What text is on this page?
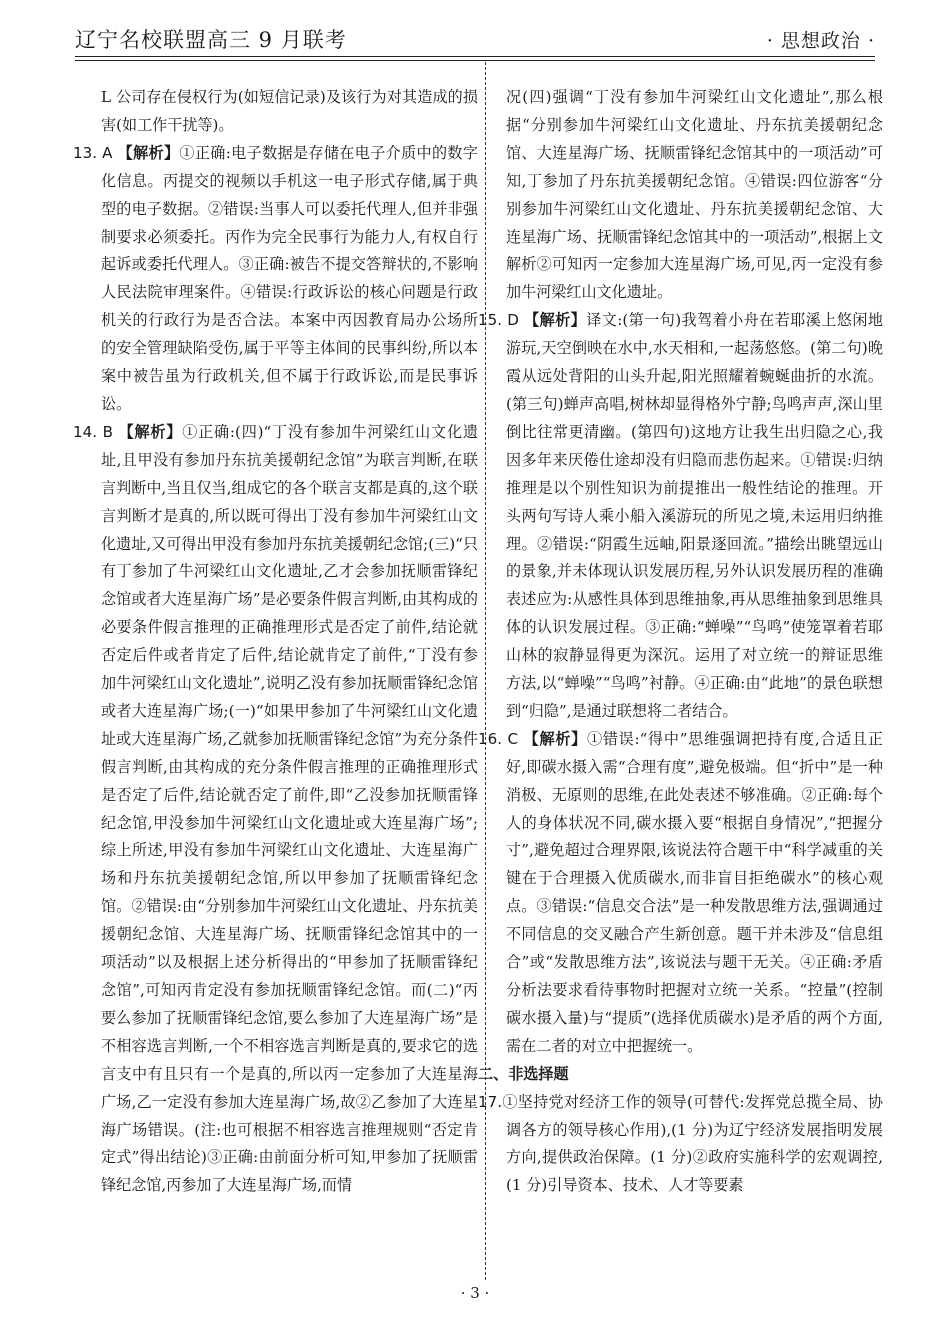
辽宁名校联盟高三 9 月联考	· 思想政治 ·

L 公司存在侵权行为(如短信记录)及该行为对其造成的损害(如工作干扰等)。

13. A 【解析】①正确:电子数据是存储在电子介质中的数字化信息。丙提交的视频以手机这一电子形式存储,属于典型的电子数据。②错误:当事人可以委托代理人,但并非强制要求必须委托。丙作为完全民事行为能力人,有权自行起诉或委托代理人。③正确:被告不提交答辩状的,不影响人民法院审理案件。④错误:行政诉讼的核心问题是行政机关的行政行为是否合法。本案中丙因教育局办公场所的安全管理缺陷受伤,属于平等主体间的民事纠纷,所以本案中被告虽为行政机关,但不属于行政诉讼,而是民事诉讼。

14. B 【解析】①正确:(四)“丁没有参加牛河梁红山文化遗址,且甲没有参加丹东抗美援朝纪念馆”为联言判断,在联言判断中,当且仅当,组成它的各个联言支都是真的,这个联言判断才是真的,所以既可得出丁没有参加牛河梁红山文化遗址,又可得出甲没有参加丹东抗美援朝纪念馆;(三)“只有丁参加了牛河梁红山文化遗址,乙才会参加抚顺雷锋纪念馆或者大连星海广场”是必要条件假言判断,由其构成的必要条件假言推理的正确推理形式是否定了前件,结论就否定后件或者肯定了后件,结论就肯定了前件,“丁没有参加牛河梁红山文化遗址”,说明乙没有参加抚顺雷锋纪念馆或者大连星海广场;(一)“如果甲参加了牛河梁红山文化遗址或大连星海广场,乙就参加抚顺雷锋纪念馆”为充分条件假言判断,由其构成的充分条件假言推理的正确推理形式是否定了后件,结论就否定了前件,即“乙没参加抚顺雷锋纪念馆,甲没参加牛河梁红山文化遗址或大连星海广场”;综上所述,甲没有参加牛河梁红山文化遗址、大连星海广场和丹东抗美援朝纪念馆,所以甲参加了抚顺雷锋纪念馆。②错误:由“分别参加牛河梁红山文化遗址、丹东抗美援朝纪念馆、大连星海广场、抚顺雷锋纪念馆其中的一项活动”以及根据上述分析得出的“甲参加了抚顺雷锋纪念馆”,可知丙肯定没有参加抚顺雷锋纪念馆。而(二)“丙要么参加了抚顺雷锋纪念馆,要么参加了大连星海广场”是不相容选言判断,一个不相容选言判断是真的,要求它的选言支中有且只有一个是真的,所以丙一定参加了大连星海广场,乙一定没有参加大连星海广场,故②乙参加了大连星海广场错误。(注:也可根据不相容选言推理规则“否定肯定式”得出结论)③正确:由前面分析可知,甲参加了抚顺雷锋纪念馆,丙参加了大连星海广场,而情

况(四)强调“丁没有参加牛河梁红山文化遗址”,那么根据“分别参加牛河梁红山文化遗址、丹东抗美援朝纪念馆、大连星海广场、抚顺雷锋纪念馆其中的一项活动”可知,丁参加了丹东抗美援朝纪念馆。④错误:四位游客“分别参加牛河梁红山文化遗址、丹东抗美援朝纪念馆、大连星海广场、抚顺雷锋纪念馆其中的一项活动”,根据上文解析②可知丙一定参加大连星海广场,可见,丙一定没有参加牛河梁红山文化遗址。

15. D 【解析】译文:(第一句)我驾着小舟在若耶溪上悠闲地游玩,天空倒映在水中,水天相和,一起荡悠悠。(第二句)晚霞从远处背阳的山头升起,阳光照耀着蜿蜒曲折的水流。(第三句)蝉声高唱,树林却显得格外宁静;鸟鸣声声,深山里倒比往常更清幽。(第四句)这地方让我生出归隐之心,我因多年来厌倦仕途却没有归隐而悲伤起来。①错误:归纳推理是以个别性知识为前提推出一般性结论的推理。开头两句写诗人乘小船入溪游玩的所见之境,未运用归纳推理。②错误:“阴霞生远岫,阳景逐回流。”描绘出眺望远山的景象,并未体现认识发展历程,另外认识发展历程的准确表述应为:从感性具体到思维抽象,再从思维抽象到思维具体的认识发展过程。③正确:“蝉噪”“鸟鸣”使笼罩着若耶山林的寂静显得更为深沉。运用了对立统一的辩证思维方法,以“蝉噪”“鸟鸣”衬静。④正确:由“此地”的景色联想到“归隐”,是通过联想将二者结合。

16. C 【解析】①错误:“得中”思维强调把持有度,合适且正好,即碳水摄入需“合理有度”,避免极端。但“折中”是一种消极、无原则的思维,在此处表述不够准确。②正确:每个人的身体状况不同,碳水摄入要“根据自身情况”,“把握分寸”,避免超过合理界限,该说法符合题干中“科学减重的关键在于合理摄入优质碳水,而非盲目拒绝碳水”的核心观点。③错误:“信息交合法”是一种发散思维方法,强调通过不同信息的交叉融合产生新创意。题干并未涉及“信息组合”或“发散思维方法”,该说法与题干无关。④正确:矛盾分析法要求看待事物时把握对立统一关系。“控量”(控制碳水摄入量)与“提质”(选择优质碳水)是矛盾的两个方面,需在二者的对立中把握统一。

二、非选择题

17.①坚持党对经济工作的领导(可替代:发挥党总揽全局、协调各方的领导核心作用),(1 分)为辽宁经济发展指明发展方向,提供政治保障。(1 分)②政府实施科学的宏观调控,(1 分)引导资本、技术、人才等要素

· 3 ·
